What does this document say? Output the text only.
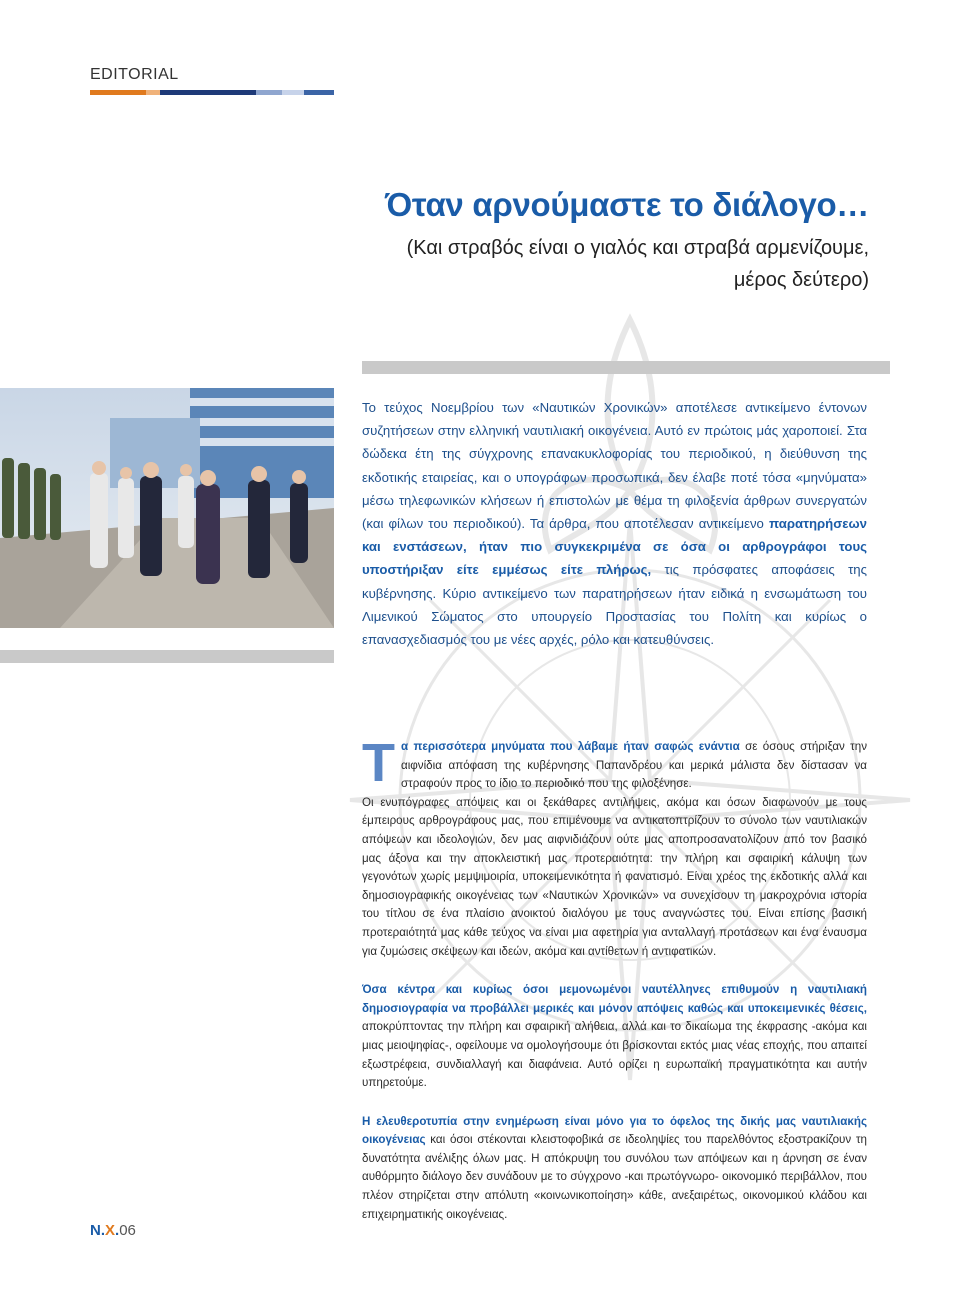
EDITORIAL
Όταν αρνούμαστε το διάλογο…
(Και στραβός είναι ο γιαλός και στραβά αρμενίζουμε, μέρος δεύτερο)
Το τεύχος Νοεμβρίου των «Ναυτικών Χρονικών» αποτέλεσε αντικείμενο έντονων συζητήσεων στην ελληνική ναυτιλιακή οικογένεια. Αυτό εν πρώτοις μάς χαροποιεί. Στα δώδεκα έτη της σύγχρονης επανακυκλοφορίας του περιοδικού, η διεύθυνση της εκδοτικής εταιρείας, και ο υπογράφων προσωπικά, δεν έλαβε ποτέ τόσα «μηνύματα» μέσω τηλεφωνικών κλήσεων ή επιστολών με θέμα τη φιλοξενία άρθρων συνεργατών (και φίλων του περιοδικού). Τα άρθρα, που αποτέλεσαν αντικείμενο παρατηρήσεων και ενστάσεων, ήταν πιο συγκεκριμένα σε όσα οι αρθρογράφοι τους υποστήριξαν είτε εμμέσως είτε πλήρως, τις πρόσφατες αποφάσεις της κυβέρνησης. Κύριο αντικείμενο των παρατηρήσεων ήταν ειδικά η ενσωμάτωση του Λιμενικού Σώματος στο υπουργείο Προστασίας του Πολίτη και κυρίως ο επανασχεδιασμός του με νέες αρχές, ρόλο και κατευθύνσεις.

Τα περισσότερα μηνύματα που λάβαμε ήταν σαφώς ενάντια σε όσους στήριξαν την αιφνίδια απόφαση της κυβέρνησης Παπανδρέου και μερικά μάλιστα δεν δίστασαν να στραφούν προς το ίδιο το περιοδικό που της φιλοξένησε.

Οι ενυπόγραφες απόψεις και οι ξεκάθαρες αντιλήψεις, ακόμα και όσων διαφωνούν με τους έμπειρους αρθρογράφους μας, που επιμένουμε να αντικατοπτρίζουν το σύνολο των ναυτιλιακών απόψεων και ιδεολογιών, δεν μας αιφνιδιάζουν ούτε μας αποπροσανατολίζουν από τον βασικό μας άξονα και την αποκλειστική μας προτεραιότητα: την πλήρη και σφαιρική κάλυψη των γεγονότων χωρίς μεμψιμοιρία, υποκειμενικότητα ή φανατισμό. Είναι χρέος της εκδοτικής αλλά και δημοσιογραφικής οικογένειας των «Ναυτικών Χρονικών» να συνεχίσουν τη μακροχρόνια ιστορία του τίτλου σε ένα πλαίσιο ανοικτού διαλόγου με τους αναγνώστες του. Είναι επίσης βασική προτεραιότητά μας κάθε τεύχος να είναι μια αφετηρία για ανταλλαγή προτάσεων και ένα έναυσμα για ζυμώσεις σκέψεων και ιδεών, ακόμα και αντίθετων ή αντιφατικών.

Όσα κέντρα και κυρίως όσοι μεμονωμένοι ναυτέλληνες επιθυμούν η ναυτιλιακή δημοσιογραφία να προβάλλει μερικές και μόνον απόψεις καθώς και υποκειμενικές θέσεις, αποκρύπτοντας την πλήρη και σφαιρική αλήθεια, αλλά και το δικαίωμα της έκφρασης -ακόμα και μιας μειοψηφίας-, οφείλουμε να ομολογήσουμε ότι βρίσκονται εκτός μιας νέας εποχής, που απαιτεί εξωστρέφεια, συνδιαλλαγή και διαφάνεια. Αυτό ορίζει η ευρωπαϊκή πραγματικότητα και αυτήν υπηρετούμε.

Η ελευθεροτυπία στην ενημέρωση είναι μόνο για το όφελος της δικής μας ναυτιλιακής οικογένειας και όσοι στέκονται κλειστοφοβικά σε ιδεοληψίες του παρελθόντος εξοστρακίζουν τη δυνατότητα ανέλιξης όλων μας. Η απόκρυψη του συνόλου των απόψεων και η άρνηση σε έναν αυθόρμητο διάλογο δεν συνάδουν με το σύγχρονο -και πρωτόγνωρο- οικονομικό περιβάλλον, που πλέον στηρίζεται στην απόλυτη «κοινωνικοποίηση» κάθε, ανεξαιρέτως, οικονομικού κλάδου και επιχειρηματικής οικογένειας.

N.X.06
